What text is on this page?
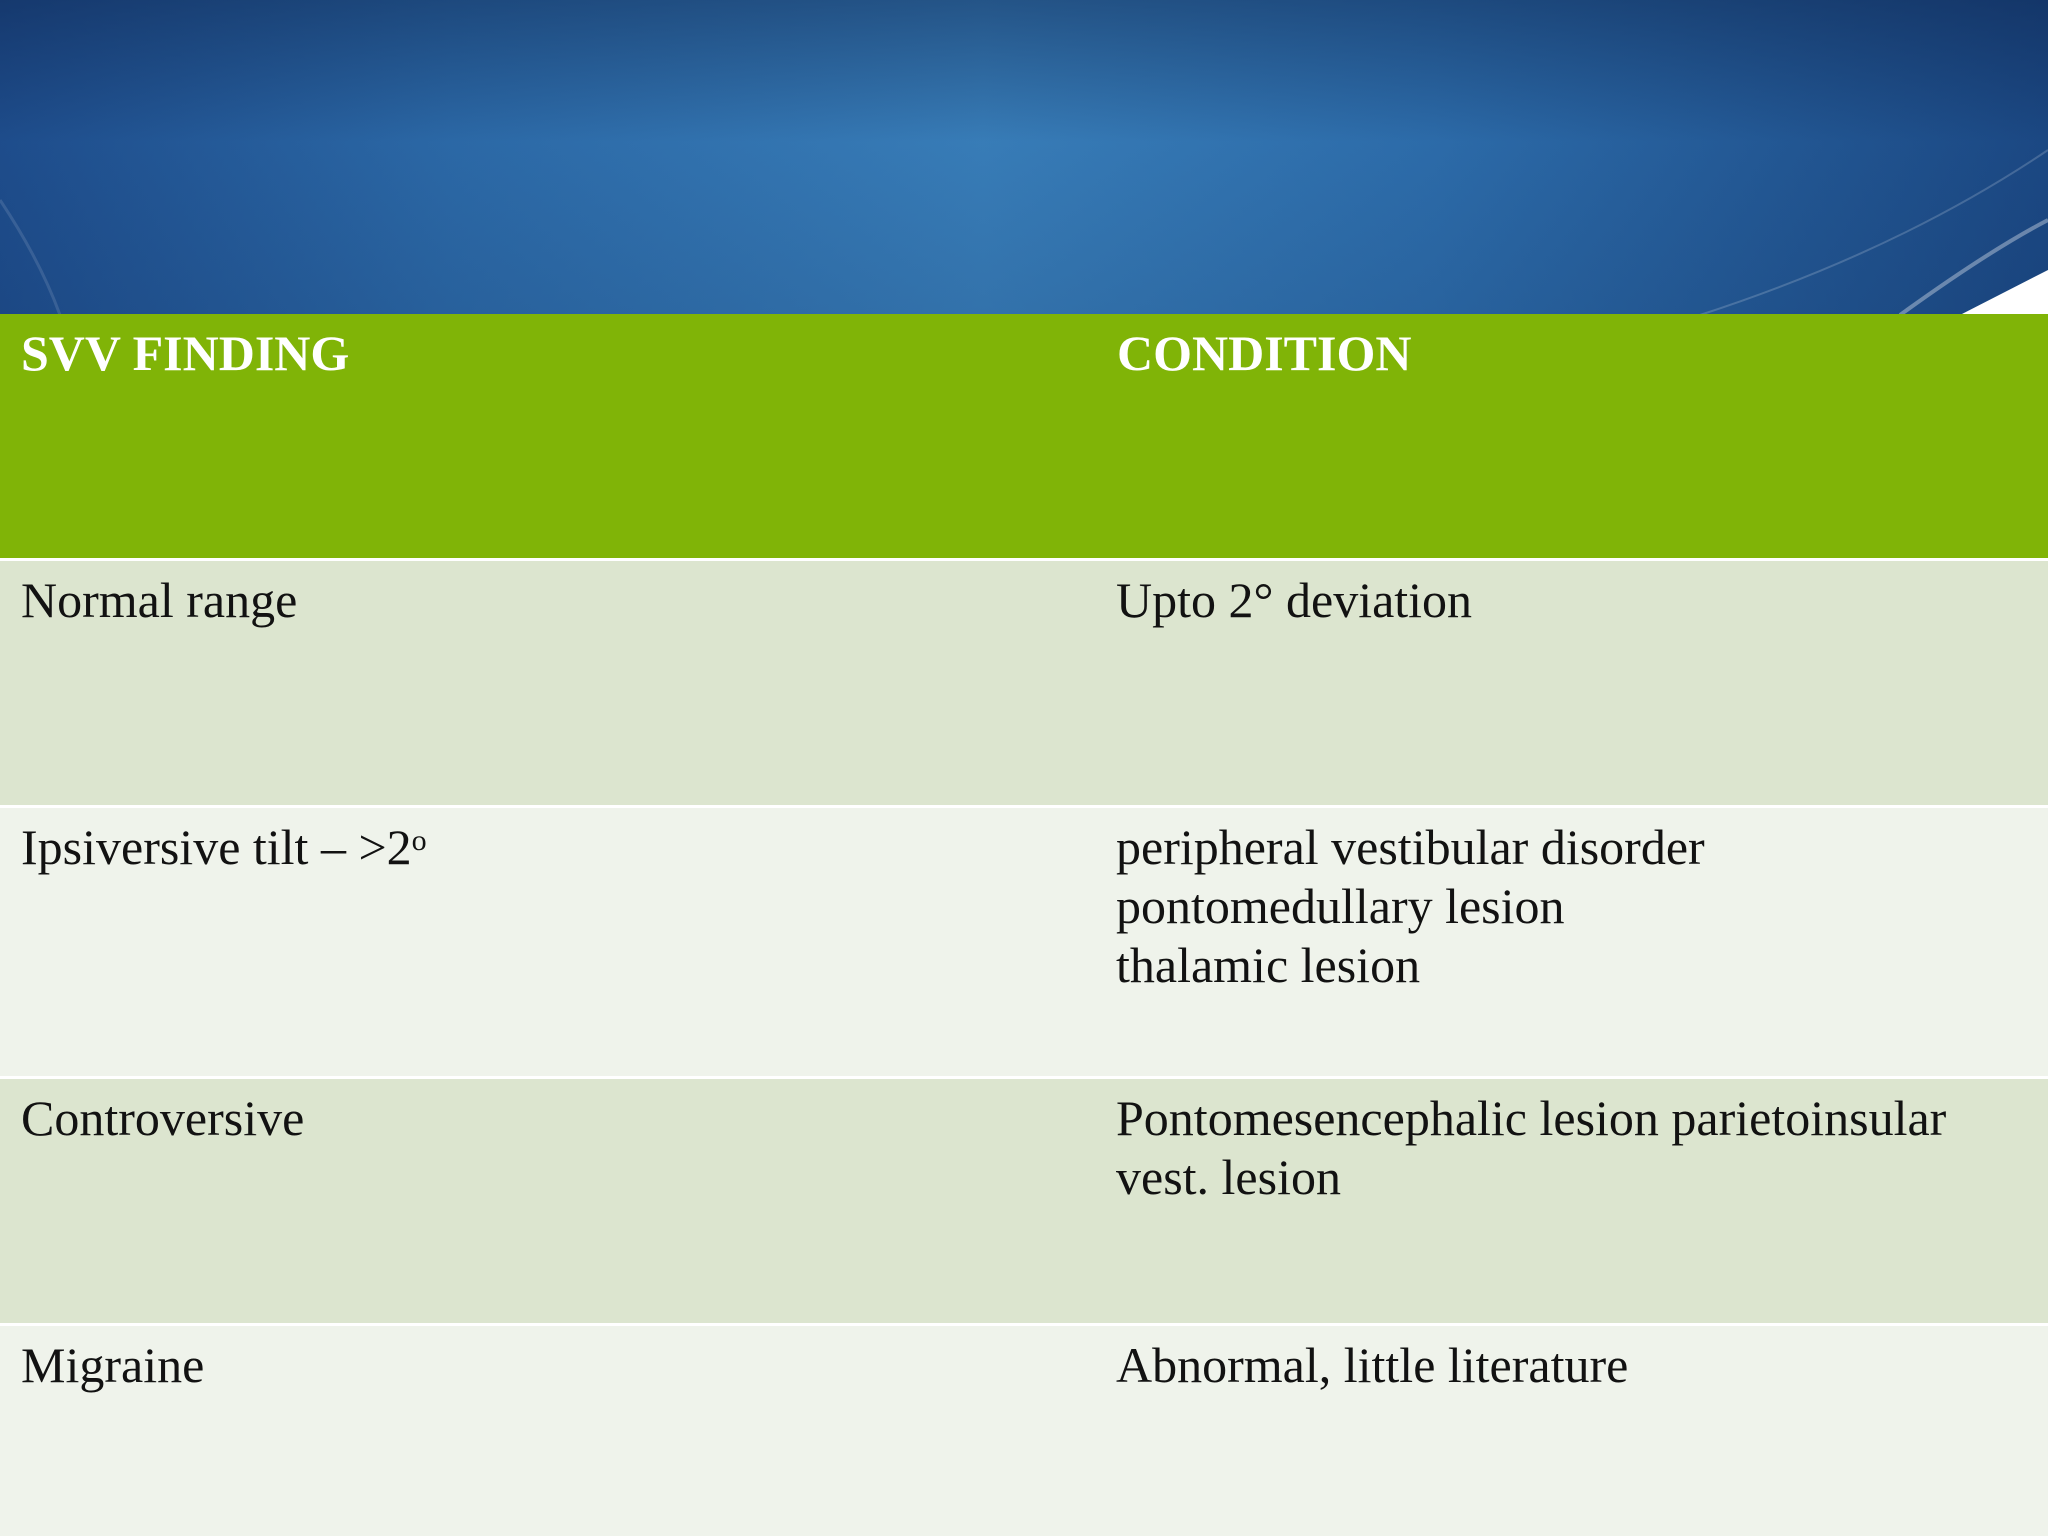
SVV FINDING	CONDITION
Normal range	Upto 2° deviation
Ipsiversive tilt – $>2^o$	peripheral vestibular disorder
pontomedullary lesion
thalamic lesion
Controversive	Pontomesencephalic lesion parietoinsular vest. lesion
Migraine	Abnormal, little literature
